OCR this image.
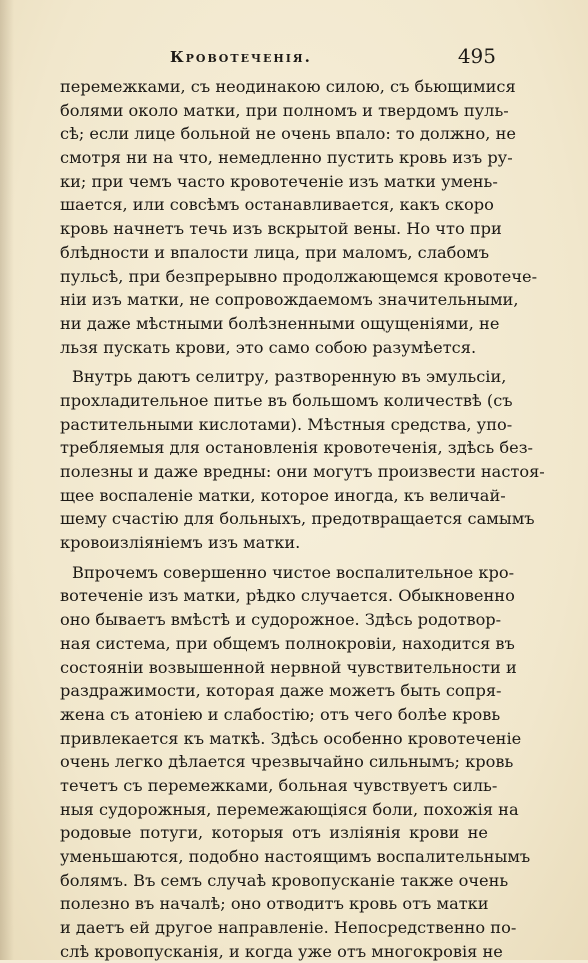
Кровотеченія.	495
перемежками, съ неодинакою силою, съ бьющимися
болями около матки, при полномъ и твердомъ пуль-
сѣ; если лице больной не очень впало: то должно, не
смотря ни на что, немедленно пустить кровь изъ ру-
ки; при чемъ часто кровотеченіе изъ матки умень-
шается, или совсѣмъ останавливается, какъ скоро
кровь начнетъ течь изъ вскрытой вены. Но что при
блѣдности и впалости лица, при маломъ, слабомъ
пульсѣ, при безпрерывно продолжающемся кровотече-
ніи изъ матки, не сопровождаемомъ значительными,
ни даже мѣстными болѣзненными ощущеніями, не
льзя пускать крови, это само собою разумѣется.
Внутрь даютъ селитру, разтворенную въ эмульсіи,
прохладительное питье въ большомъ количествѣ (съ
растительными кислотами). Мѣстныя средства, упо-
требляемыя для остановленія кровотеченія, здѣсь без-
полезны и даже вредны: они могутъ произвести настоя-
щее воспаленіе матки, которое иногда, къ величай-
шему счастію для больныхъ, предотвращается самымъ
кровоизліяніемъ изъ матки.
Впрочемъ совершенно чистое воспалительное кро-
вотеченіе изъ матки, рѣдко случается. Обыкновенно
оно бываетъ вмѣстѣ и судорожное. Здѣсь родотвор-
ная система, при общемъ полнокровіи, находится въ
состояніи возвышенной нервной чувствительности и
раздражимости, которая даже можетъ быть сопря-
жена съ атоніею и слабостію; отъ чего болѣе кровь
привлекается къ маткѣ. Здѣсь особенно кровотеченіе
очень легко дѣлается чрезвычайно сильнымъ; кровь
течетъ съ перемежками, больная чувствуетъ силь-
ныя судорожныя, перемежающіяся боли, похожія на
родовые потуги, которыя отъ изліянія крови не
уменьшаются, подобно настоящимъ воспалительнымъ
болямъ. Въ семъ случаѣ кровопусканіе также очень
полезно въ началѣ; оно отводитъ кровь отъ матки
и даетъ ей другое направленіе. Непосредственно по-
слѣ кровопусканія, и когда уже отъ многокровія не
